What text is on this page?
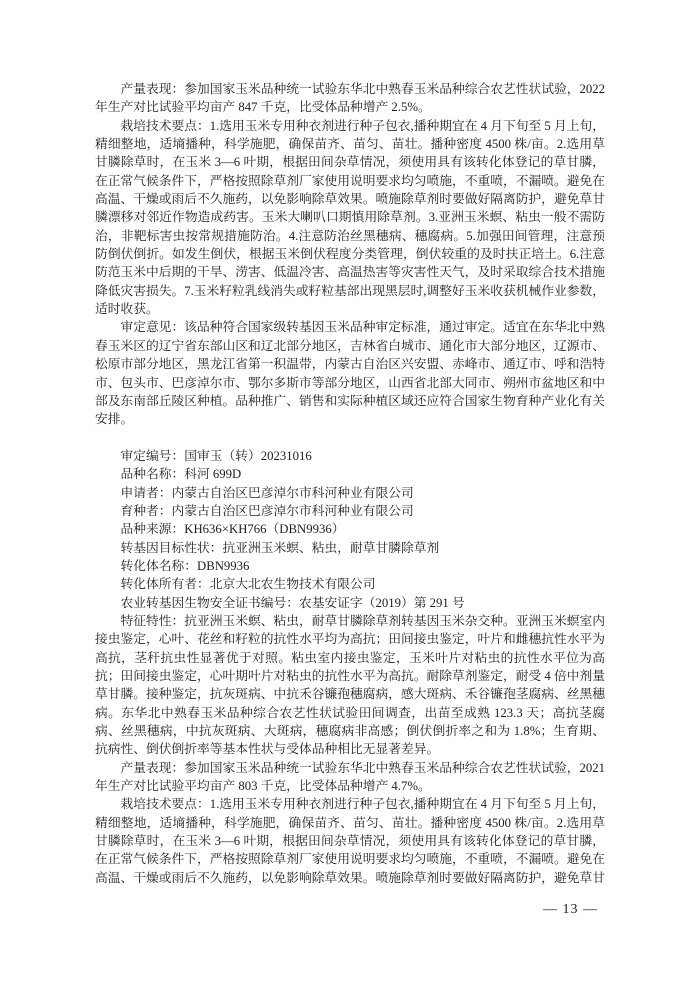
产量表现：参加国家玉米品种统一试验东华北中熟春玉米品种综合农艺性状试验，2022 年生产对比试验平均亩产 847 千克，比受体品种增产 2.5%。

栽培技术要点：1.选用玉米专用种衣剂进行种子包衣,播种期宜在 4 月下旬至 5 月上旬，精细整地，适墒播种，科学施肥，确保苗齐、苗匀、苗壮。播种密度 4500 株/亩。2.选用草甘膦除草时，在玉米 3—6 叶期，根据田间杂草情况，须使用具有该转化体登记的草甘膦，在正常气候条件下，严格按照除草剂厂家使用说明要求均匀喷施，不重喷，不漏喷。避免在高温、干燥或雨后不久施药，以免影响除草效果。喷施除草剂时要做好隔离防护，避免草甘膦漂移对邻近作物造成药害。玉米大喇叭口期慎用除草剂。3.亚洲玉米螟、粘虫一般不需防治，非靶标害虫按常规措施防治。4.注意防治丝黑穗病、穗腐病。5.加强田间管理，注意预防倒伏倒折。如发生倒伏，根据玉米倒伏程度分类管理，倒伏较重的及时扶正培土。6.注意防范玉米中后期的干旱、涝害、低温冷害、高温热害等灾害性天气，及时采取综合技术措施降低灾害损失。7.玉米籽粒乳线消失或籽粒基部出现黑层时,调整好玉米收获机械作业参数，适时收获。

审定意见：该品种符合国家级转基因玉米品种审定标准，通过审定。适宜在东华北中熟春玉米区的辽宁省东部山区和辽北部分地区，吉林省白城市、通化市大部分地区，辽源市、松原市部分地区，黑龙江省第一积温带，内蒙古自治区兴安盟、赤峰市、通辽市、呼和浩特市、包头市、巴彦淖尔市、鄂尔多斯市等部分地区，山西省北部大同市、朔州市盆地区和中部及东南部丘陵区种植。品种推广、销售和实际种植区域还应符合国家生物育种产业化有关安排。

审定编号：国审玉（转）20231016

品种名称：科河 699D

申请者：内蒙古自治区巴彦淖尔市科河种业有限公司

育种者：内蒙古自治区巴彦淖尔市科河种业有限公司

品种来源：KH636×KH766（DBN9936）

转基因目标性状：抗亚洲玉米螟、粘虫，耐草甘膦除草剂

转化体名称：DBN9936

转化体所有者：北京大北农生物技术有限公司

农业转基因生物安全证书编号：农基安证字（2019）第 291 号

特征特性：抗亚洲玉米螟、粘虫，耐草甘膦除草剂转基因玉米杂交种。亚洲玉米螟室内接虫鉴定，心叶、花丝和籽粒的抗性水平均为高抗；田间接虫鉴定，叶片和雌穗抗性水平为高抗，茎秆抗虫性显著优于对照。粘虫室内接虫鉴定，玉米叶片对粘虫的抗性水平位为高抗；田间接虫鉴定，心叶期叶片对粘虫的抗性水平为高抗。耐除草剂鉴定，耐受 4 倍中剂量草甘膦。接种鉴定，抗灰斑病、中抗禾谷镰孢穗腐病，感大斑病、禾谷镰孢茎腐病、丝黑穗病。东华北中熟春玉米品种综合农艺性状试验田间调查，出苗至成熟 123.3 天；高抗茎腐病、丝黑穗病，中抗灰斑病、大斑病，穗腐病非高感；倒伏倒折率之和为 1.8%；生育期、抗病性、倒伏倒折率等基本性状与受体品种相比无显著差异。

产量表现：参加国家玉米品种统一试验东华北中熟春玉米品种综合农艺性状试验，2021 年生产对比试验平均亩产 803 千克，比受体品种增产 4.7%。

栽培技术要点：1.选用玉米专用种衣剂进行种子包衣,播种期宜在 4 月下旬至 5 月上旬，精细整地，适墒播种，科学施肥，确保苗齐、苗匀、苗壮。播种密度 4500 株/亩。2.选用草甘膦除草时，在玉米 3—6 叶期，根据田间杂草情况，须使用具有该转化体登记的草甘膦，在正常气候条件下，严格按照除草剂厂家使用说明要求均匀喷施，不重喷，不漏喷。避免在高温、干燥或雨后不久施药，以免影响除草效果。喷施除草剂时要做好隔离防护，避免草甘

— 13 —
